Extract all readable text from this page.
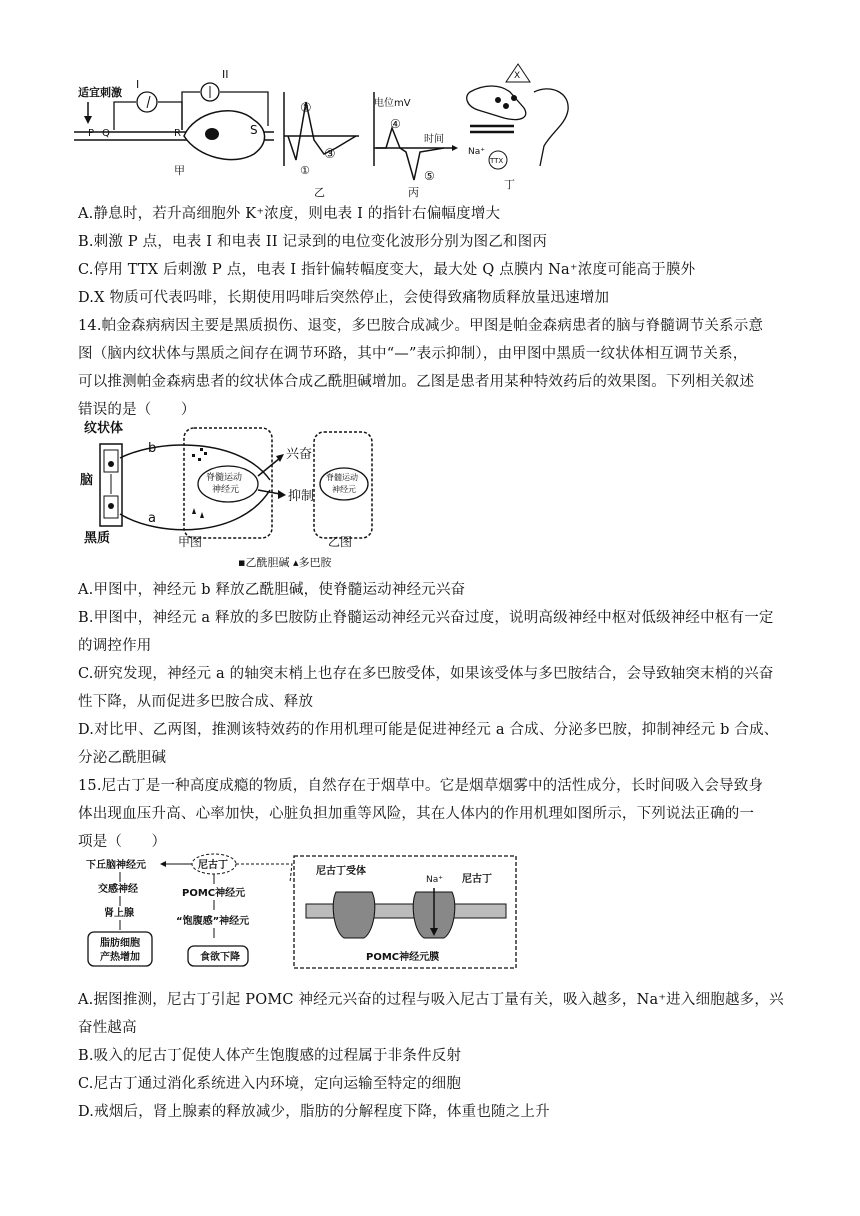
适宜刺激
P Q	R
I
II
S
甲	①
②
③
乙
电位mV
时间
④
⑤
丙
X
Na⁺
TTX
丁
A.静息时，若升高细胞外 K⁺浓度，则电表 I 的指针右偏幅度增大
B.刺激 P 点，电表 I 和电表 II 记录到的电位变化波形分别为图乙和图丙
C.停用 TTX 后刺激 P 点，电表 I 指针偏转幅度变大，最大处 Q 点膜内 Na⁺浓度可能高于膜外
D.X 物质可代表吗啡，长期使用吗啡后突然停止，会使得致痛物质释放量迅速增加
14.帕金森病病因主要是黑质损伤、退变，多巴胺合成减少。甲图是帕金森病患者的脑与脊髓调节关系示意
图（脑内纹状体与黑质之间存在调节环路，其中“—”表示抑制），由甲图中黑质一纹状体相互调节关系，
可以推测帕金森病患者的纹状体合成乙酰胆碱增加。乙图是患者用某种特效药后的效果图。下列相关叙述
错误的是（　　）
纹状体
脑
黑质
b
a
脊髓运动
神经元
兴奋
抑制
脊髓运动
神经元
甲图	乙图
▪乙酰胆碱 ▴多巴胺
A.甲图中，神经元 b 释放乙酰胆碱，使脊髓运动神经元兴奋
B.甲图中，神经元 a 释放的多巴胺防止脊髓运动神经元兴奋过度，说明高级神经中枢对低级神经中枢有一定
的调控作用
C.研究发现，神经元 a 的轴突末梢上也存在多巴胺受体，如果该受体与多巴胺结合，会导致轴突末梢的兴奋
性下降，从而促进多巴胺合成、释放
D.对比甲、乙两图，推测该特效药的作用机理可能是促进神经元 a 合成、分泌多巴胺，抑制神经元 b 合成、
分泌乙酰胆碱
15.尼古丁是一种高度成瘾的物质，自然存在于烟草中。它是烟草烟雾中的活性成分，长时间吸入会导致身
体出现血压升高、心率加快，心脏负担加重等风险，其在人体内的作用机理如图所示，下列说法正确的一
项是（　　）
下丘脑神经元	尼古丁
交感神经
肾上腺
脂肪细胞
产热增加
POMC神经元
“饱腹感”神经元
食欲下降
尼古丁受体
Na⁺ 尼古丁
POMC神经元膜
A.据图推测，尼古丁引起 POMC 神经元兴奋的过程与吸入尼古丁量有关，吸入越多，Na⁺进入细胞越多，兴
奋性越高
B.吸入的尼古丁促使人体产生饱腹感的过程属于非条件反射
C.尼古丁通过消化系统进入内环境，定向运输至特定的细胞
D.戒烟后，肾上腺素的释放减少，脂肪的分解程度下降，体重也随之上升
